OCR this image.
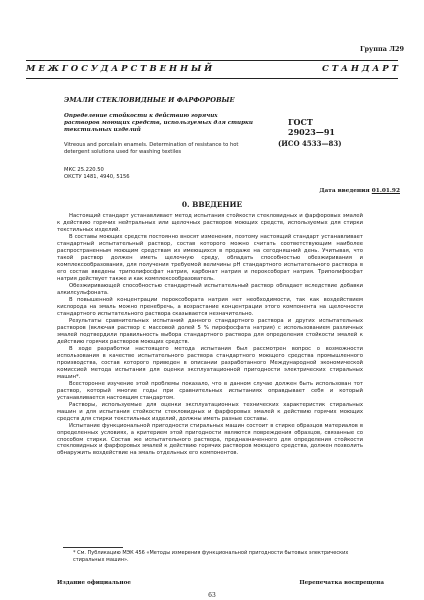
Группа Л29
М Е Ж Г О С У Д А Р С Т В Е Н Н Ы Й	С Т А Н Д А Р Т
ЭМАЛИ СТЕКЛОВИДНЫЕ И ФАРФОРОВЫЕ
Определение стойкости к действию горячих растворов моющих средств, используемых для стирки текстильных изделий
ГОСТ
29023—91
(ИСО 4533—83)
Vitreous and porcelain enamels. Determination of resistance to hot detergent solutions used for washing textiles
МКС 25.220.50
ОКСТУ 1481, 4940, 5156
Дата введения 01.01.92
0. ВВЕДЕНИЕ

Настоящий стандарт устанавливает метод испытания стойкости стекловидных и фарфоровых эмалей к действию горячих нейтральных или щелочных растворов моющих средств, используемых для стирки текстильных изделий.

В составы моющих средств постоянно вносят изменения, поэтому настоящий стандарт устанавливает стандартный испытательный раствор, состав которого можно считать соответствующим наиболее распространенным моющим средствам из имеющихся в продаже на сегодняшний день. Учитывая, что такой раствор должен иметь щелочную среду, обладать способностью обезжиривания и комплексообразования, для получения требуемой величины pH стандартного испытательного раствора в его состав введены триполифосфат натрия, карбонат натрия и пероксоборат натрия. Триполифосфат натрия действует также и как комплексообразователь.

Обезжиривающей способностью стандартный испытательный раствор обладает вследствие добавки алкилсульфоната.

В повышенной концентрации пероксобората натрия нет необходимости, так как воздействием кислорода на эмаль можно пренебречь, а возрастание концентрации этого компонента на щелочности стандартного испытательного раствора сказывается незначительно.

Результаты сравнительных испытаний данного стандартного раствора и других испытательных растворов (включая раствор с массовой долей 5 % пирофосфата натрия) с использованием различных эмалей подтвердили правильность выбора стандартного раствора для определения стойкости эмалей к действию горячих растворов моющих средств.

В ходе разработки настоящего метода испытания был рассмотрен вопрос о возможности использования в качестве испытательного раствора стандартного моющего средства промышленного производства, состав которого приведен в описании разработанного Международной экономической комиссией метода испытания для оценки эксплуатационной пригодности электрических стиральных машин*.

Всесторонне изучение этой проблемы показало, что в данном случае должен быть использован тот раствор, который многие годы при сравнительных испытаниях оправдывает себя и который устанавливается настоящим стандартом.

Растворы, используемые для оценки эксплуатационных технических характеристик стиральных машин и для испытания стойкости стекловидных и фарфоровых эмалей к действию горячих моющих средств для стирки текстильных изделий, должны иметь разные составы.

Испытание функциональной пригодности стиральных машин состоит в стирке образцов материалов в определенных условиях, а критерием этой пригодности являются повреждения образцов, связанные со способом стирки. Состав же испытательного раствора, предназначенного для определения стойкости стекловидных и фарфоровых эмалей к действию горячих растворов моющего средства, должен позволить обнаружить воздействие на эмаль отдельных его компонентов.

* См. Публикацию МЭК 456 «Методы измерения функциональной пригодности бытовых электрических стиральных машин».
Издание официальное	Перепечатка воспрещена
63
